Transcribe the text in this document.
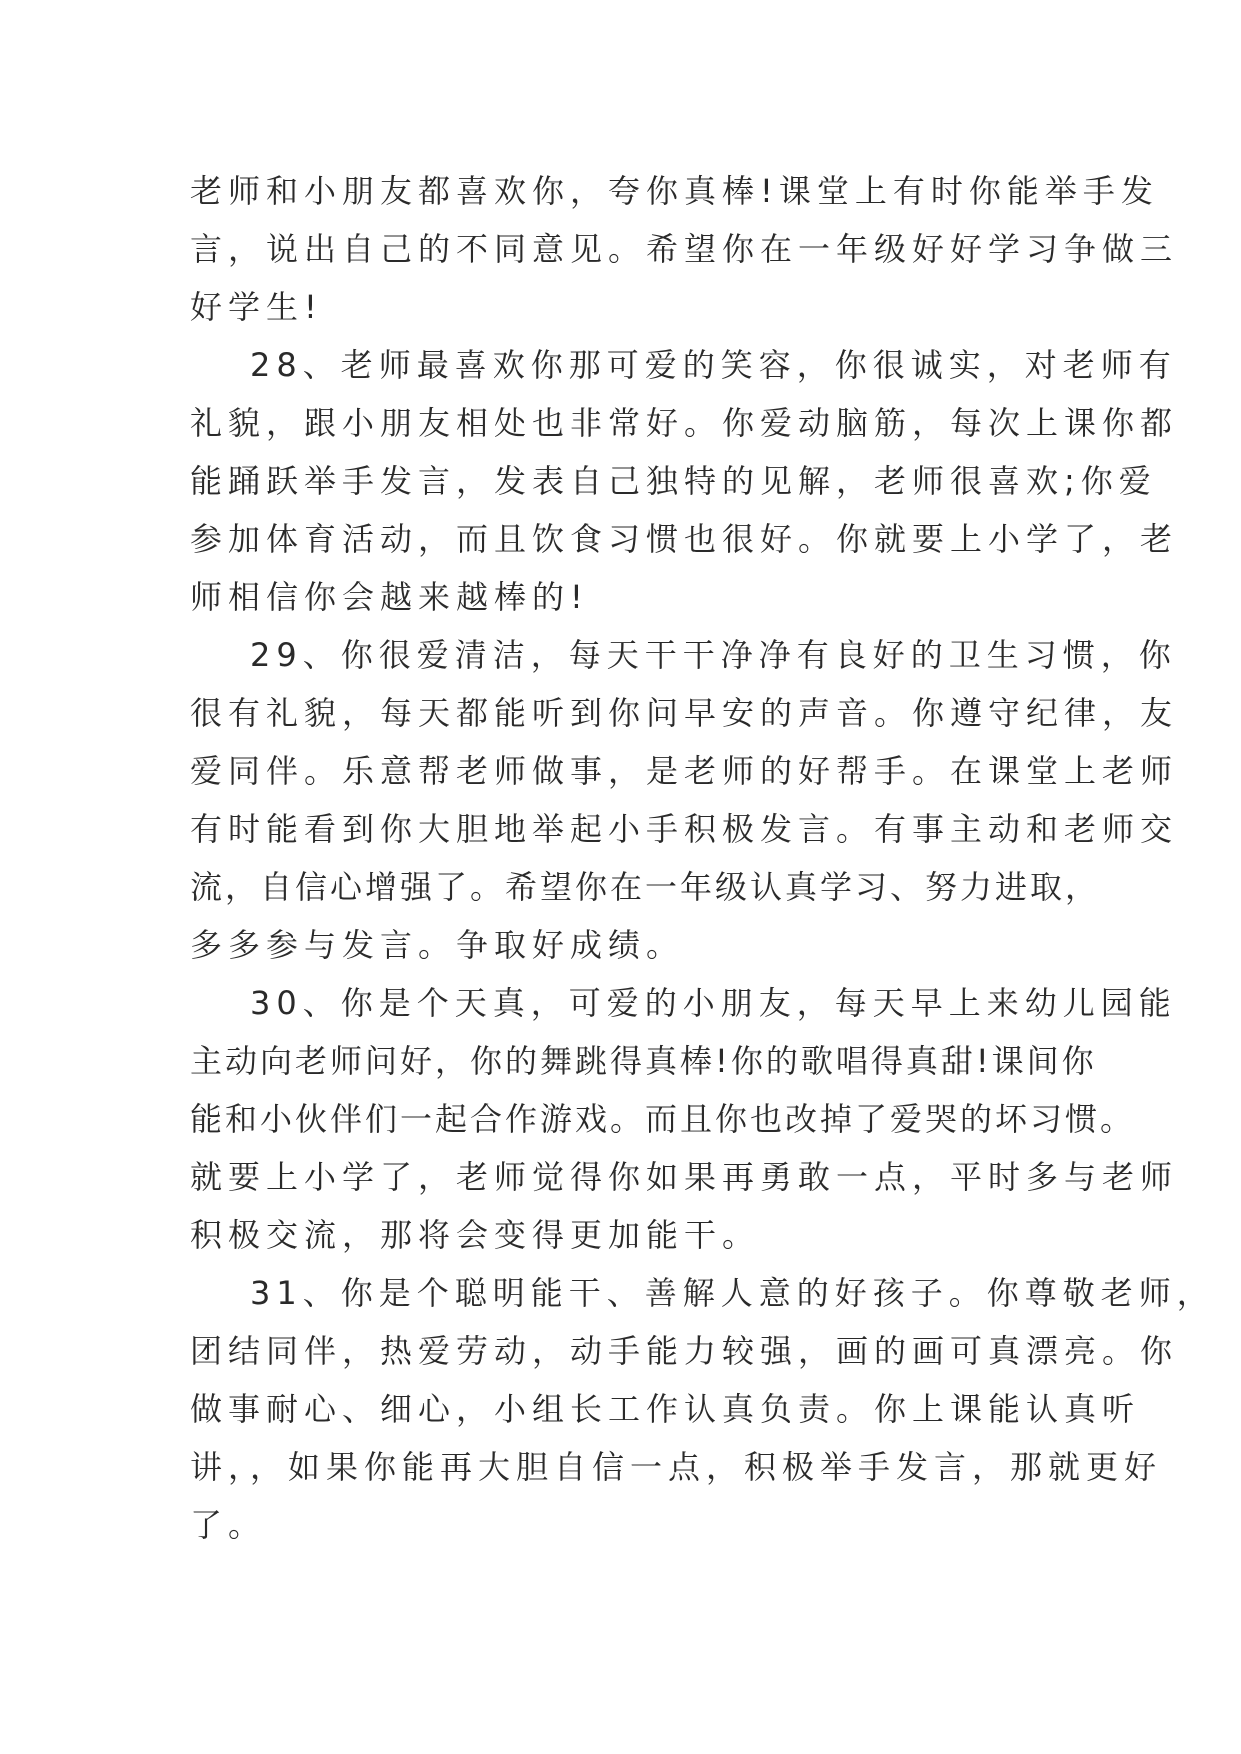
老师和小朋友都喜欢你，夸你真棒!课堂上有时你能举手发
言，说出自己的不同意见。希望你在一年级好好学习争做三
好学生!
28、老师最喜欢你那可爱的笑容，你很诚实，对老师有
礼貌，跟小朋友相处也非常好。你爱动脑筋，每次上课你都
能踊跃举手发言，发表自己独特的见解，老师很喜欢;你爱
参加体育活动，而且饮食习惯也很好。你就要上小学了，老
师相信你会越来越棒的!
29、你很爱清洁，每天干干净净有良好的卫生习惯，你
很有礼貌，每天都能听到你问早安的声音。你遵守纪律，友
爱同伴。乐意帮老师做事，是老师的好帮手。在课堂上老师
有时能看到你大胆地举起小手积极发言。有事主动和老师交
流，自信心增强了。希望你在一年级认真学习、努力进取，
多多参与发言。争取好成绩。
30、你是个天真，可爱的小朋友，每天早上来幼儿园能
主动向老师问好，你的舞跳得真棒!你的歌唱得真甜!课间你
能和小伙伴们一起合作游戏。而且你也改掉了爱哭的坏习惯。
就要上小学了，老师觉得你如果再勇敢一点，平时多与老师
积极交流，那将会变得更加能干。
31、你是个聪明能干、善解人意的好孩子。你尊敬老师，
团结同伴，热爱劳动，动手能力较强，画的画可真漂亮。你
做事耐心、细心，小组长工作认真负责。你上课能认真听
讲，，如果你能再大胆自信一点，积极举手发言，那就更好
了。
